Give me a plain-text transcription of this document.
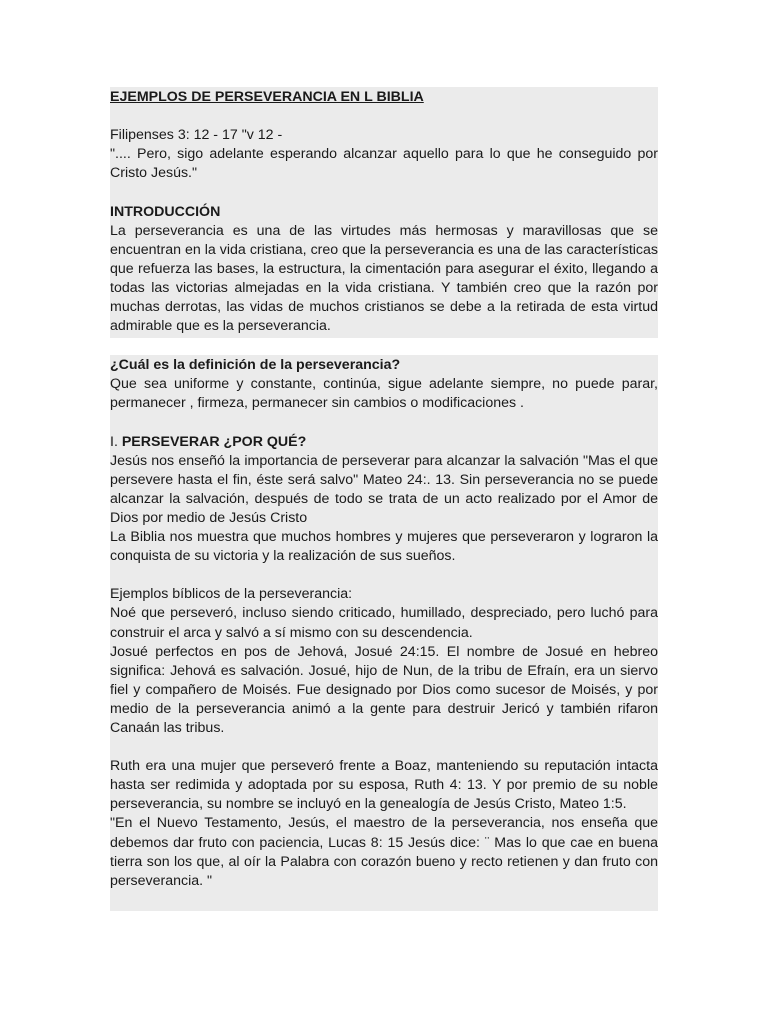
EJEMPLOS DE PERSEVERANCIA EN L BIBLIA

Filipenses 3: 12 - 17 "v 12 -

".... Pero, sigo adelante esperando alcanzar aquello para lo que he conseguido por Cristo Jesús."

INTRODUCCIÓN

La perseverancia es una de las virtudes más hermosas y maravillosas que se encuentran en la vida cristiana, creo que la perseverancia es una de las características que refuerza las bases, la estructura, la cimentación para asegurar el éxito, llegando a todas las victorias almejadas en la vida cristiana. Y también creo que la razón por muchas derrotas, las vidas de muchos cristianos se debe a la retirada de esta virtud admirable que es la perseverancia.

¿Cuál es la definición de la perseverancia?

Que sea uniforme y constante, continúa, sigue adelante siempre, no puede parar, permanecer , firmeza, permanecer sin cambios o modificaciones .

I. PERSEVERAR ¿POR QUÉ?

Jesús nos enseñó la importancia de perseverar para alcanzar la salvación "Mas el que persevere hasta el fin, éste será salvo" Mateo 24:. 13. Sin perseverancia no se puede alcanzar la salvación, después de todo se trata de un acto realizado por el Amor de Dios por medio de Jesús Cristo

La Biblia nos muestra que muchos hombres y mujeres que perseveraron y lograron la conquista de su victoria y la realización de sus sueños.

Ejemplos bíblicos de la perseverancia:

Noé que perseveró, incluso siendo criticado, humillado, despreciado, pero luchó para construir el arca y salvó a sí mismo con su descendencia.

Josué perfectos en pos de Jehová, Josué 24:15. El nombre de Josué en hebreo significa: Jehová es salvación. Josué, hijo de Nun, de la tribu de Efraín, era un siervo fiel y compañero de Moisés. Fue designado por Dios como sucesor de Moisés, y por medio de la perseverancia animó a la gente para destruir Jericó y también rifaron Canaán las tribus.

Ruth era una mujer que perseveró frente a Boaz, manteniendo su reputación intacta hasta ser redimida y adoptada por su esposa, Ruth 4: 13. Y por premio de su noble perseverancia, su nombre se incluyó en la genealogía de Jesús Cristo, Mateo 1:5.

"En el Nuevo Testamento, Jesús, el maestro de la perseverancia, nos enseña que debemos dar fruto con paciencia, Lucas 8: 15 Jesús dice: ¨ Mas lo que cae en buena tierra son los que, al oír la Palabra con corazón bueno y recto retienen y dan fruto con perseverancia. "
